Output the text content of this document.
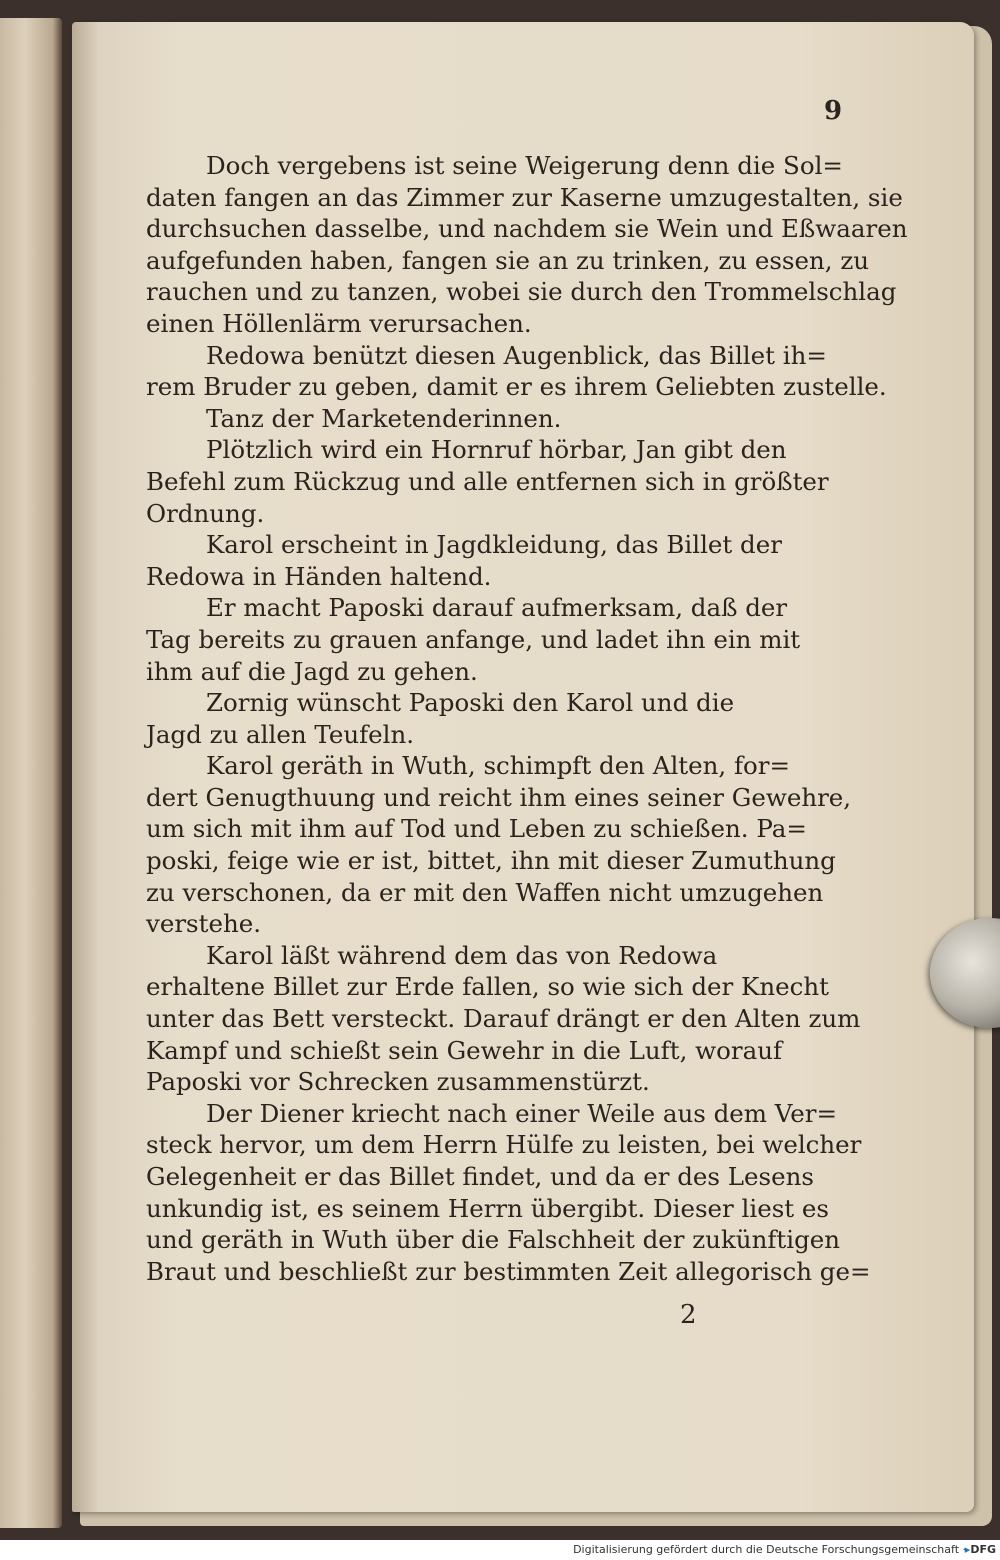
9

Doch vergebens ist seine Weigerung denn die Sol=
daten fangen an das Zimmer zur Kaserne umzugestalten, sie
durchsuchen dasselbe, und nachdem sie Wein und Eßwaaren
aufgefunden haben, fangen sie an zu trinken, zu essen, zu
rauchen und zu tanzen, wobei sie durch den Trommelschlag
einen Höllenlärm verursachen.

Redowa benützt diesen Augenblick, das Billet ih=
rem Bruder zu geben, damit er es ihrem Geliebten zustelle.

Tanz der Marketenderinnen.

Plötzlich wird ein Hornruf hörbar, Jan gibt den
Befehl zum Rückzug und alle entfernen sich in größter
Ordnung.

Karol erscheint in Jagdkleidung, das Billet der
Redowa in Händen haltend.

Er macht Paposki darauf aufmerksam, daß der
Tag bereits zu grauen anfange, und ladet ihn ein mit
ihm auf die Jagd zu gehen.

Zornig wünscht Paposki den Karol und die
Jagd zu allen Teufeln.

Karol geräth in Wuth, schimpft den Alten, for=
dert Genugthuung und reicht ihm eines seiner Gewehre,
um sich mit ihm auf Tod und Leben zu schießen. Pa=
poski, feige wie er ist, bittet, ihn mit dieser Zumuthung
zu verschonen, da er mit den Waffen nicht umzugehen
verstehe.

Karol läßt während dem das von Redowa
erhaltene Billet zur Erde fallen, so wie sich der Knecht
unter das Bett versteckt. Darauf drängt er den Alten zum
Kampf und schießt sein Gewehr in die Luft, worauf
Paposki vor Schrecken zusammenstürzt.

Der Diener kriecht nach einer Weile aus dem Ver=
steck hervor, um dem Herrn Hülfe zu leisten, bei welcher
Gelegenheit er das Billet findet, und da er des Lesens
unkundig ist, es seinem Herrn übergibt. Dieser liest es
und geräth in Wuth über die Falschheit der zukünftigen
Braut und beschließt zur bestimmten Zeit allegorisch ge=

2
Digitalisierung gefördert durch die Deutsche Forschungsgemeinschaft ·
▸DFG
